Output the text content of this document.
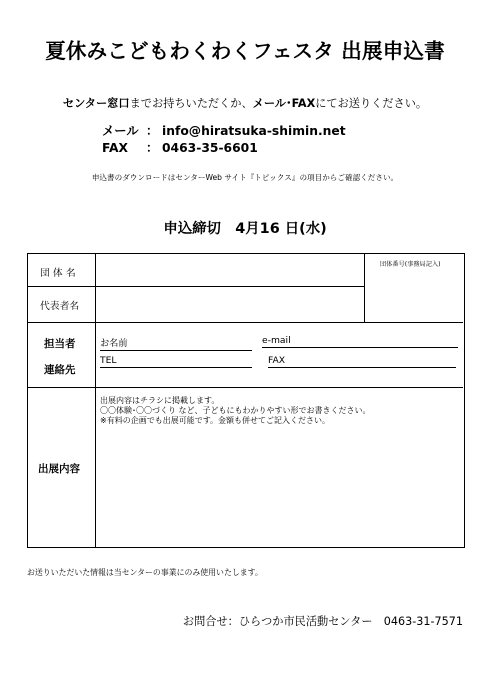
夏休みこどもわくわくフェスタ 出展申込書
センター窓口までお持ちいただくか、メール･FAXにてお送りください。
メール ： info@hiratsuka-shimin.net
FAX ： 0463-35-6601
申込書のダウンロードはセンターWeb サイト『トピックス』の項目からご確認ください。
申込締切　4月16 日(水)
団 体 名
代表者名
団体番号(事務局記入)
担当者
連絡先
お名前	e-mail
TEL	FAX
出展内容
出展内容はチラシに掲載します。
〇〇体験･〇〇づくり など、子どもにもわかりやすい形でお書きください。
※有料の企画でも出展可能です。金額も併せてご記入ください。
お送りいただいた情報は当センターの事業にのみ使用いたします。
お問合せ：ひらつか市民活動センター　0463-31-7571
